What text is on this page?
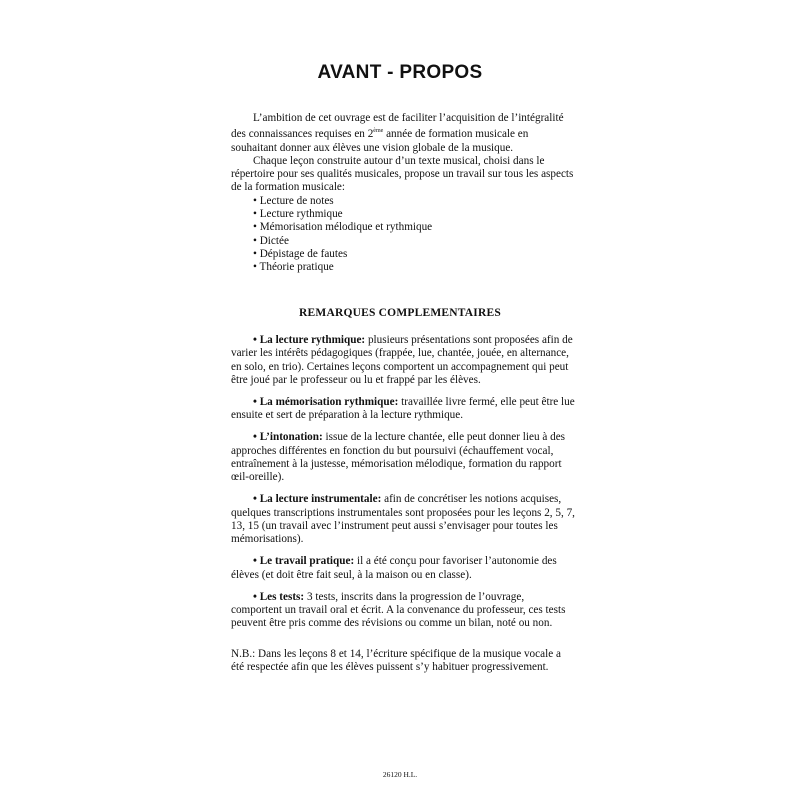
AVANT - PROPOS

L’ambition de cet ouvrage est de faciliter l’acquisition de l’intégralité des connaissances requises en 2ème année de formation musicale en souhaitant donner aux élèves une vision globale de la musique.

Chaque leçon construite autour d’un texte musical, choisi dans le répertoire pour ses qualités musicales, propose un travail sur tous les aspects de la formation musicale:

• Lecture de notes
• Lecture rythmique
• Mémorisation mélodique et rythmique
• Dictée
• Dépistage de fautes
• Théorie pratique
REMARQUES COMPLEMENTAIRES

• La lecture rythmique: plusieurs présentations sont proposées afin de varier les intérêts pédagogiques (frappée, lue, chantée, jouée, en alternance, en solo, en trio). Certaines leçons comportent un accompagnement qui peut être joué par le professeur ou lu et frappé par les élèves.

• La mémorisation rythmique: travaillée livre fermé, elle peut être lue ensuite et sert de préparation à la lecture rythmique.

• L’intonation: issue de la lecture chantée, elle peut donner lieu à des approches différentes en fonction du but poursuivi (échauffement vocal, entraînement à la justesse, mémorisation mélodique, formation du rapport œil-oreille).

• La lecture instrumentale: afin de concrétiser les notions acquises, quelques transcriptions instrumentales sont proposées pour les leçons 2, 5, 7, 13, 15 (un travail avec l’instrument peut aussi s’envisager pour toutes les mémorisations).

• Le travail pratique: il a été conçu pour favoriser l’autonomie des élèves (et doit être fait seul, à la maison ou en classe).

• Les tests: 3 tests, inscrits dans la progression de l’ouvrage, comportent un travail oral et écrit. A la convenance du professeur, ces tests peuvent être pris comme des révisions ou comme un bilan, noté ou non.

N.B.: Dans les leçons 8 et 14, l’écriture spécifique de la musique vocale a été respectée afin que les élèves puissent s’y habituer progressivement.

26120 H.L.
